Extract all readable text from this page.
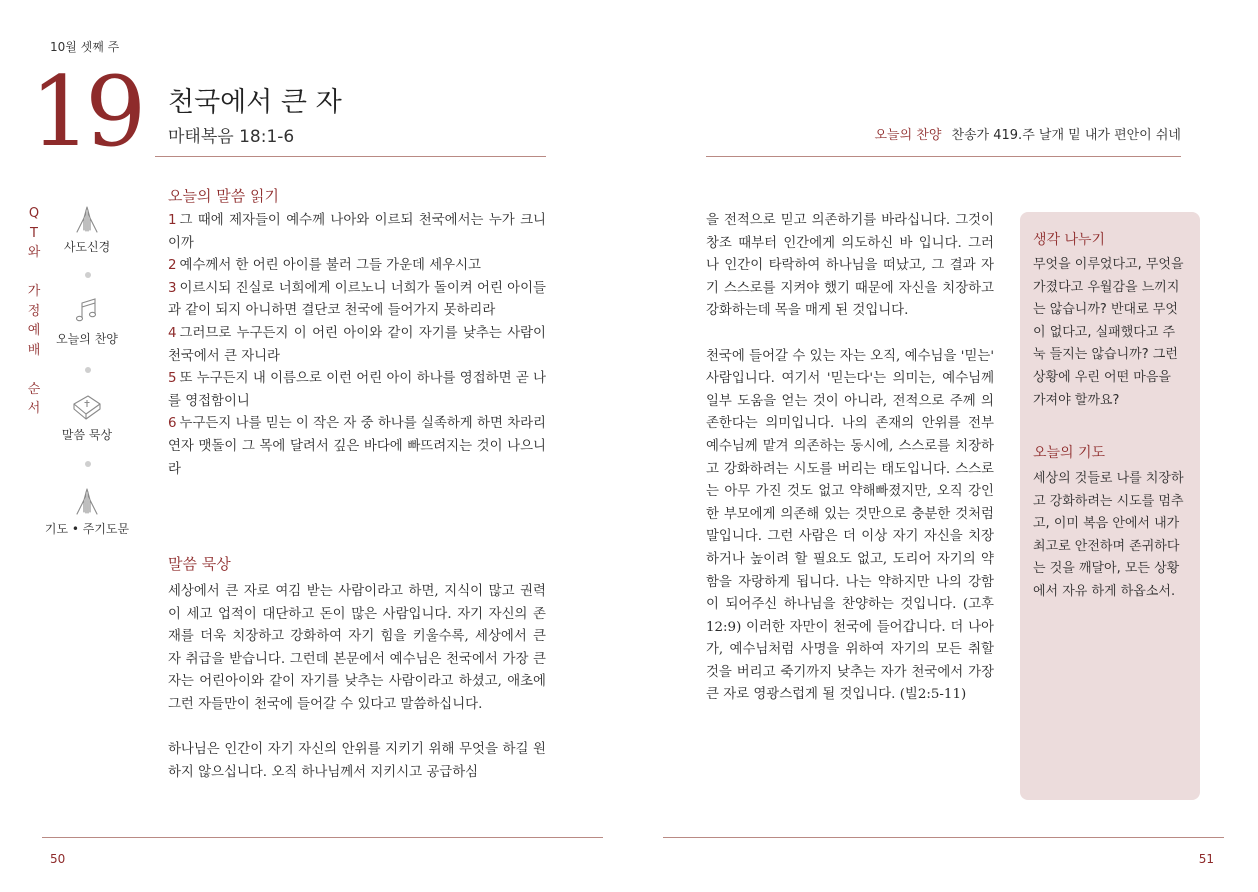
10월 셋째 주
19 천국에서 큰 자
마태복음 18:1-6	오늘의 찬양 찬송가 419.주 날개 밑 내가 편안이 쉬네
Q
T
와
가
정
예
배
순
서
사도신경
오늘의 찬양
말씀 묵상
기도 • 주기도문
오늘의 말씀 읽기

1 그 때에 제자들이 예수께 나아와 이르되 천국에서는 누가 크니이까

2 예수께서 한 어린 아이를 불러 그들 가운데 세우시고

3 이르시되 진실로 너희에게 이르노니 너희가 돌이켜 어린 아이들과 같이 되지 아니하면 결단코 천국에 들어가지 못하리라

4 그러므로 누구든지 이 어린 아이와 같이 자기를 낮추는 사람이 천국에서 큰 자니라

5 또 누구든지 내 이름으로 이런 어린 아이 하나를 영접하면 곧 나를 영접함이니

6 누구든지 나를 믿는 이 작은 자 중 하나를 실족하게 하면 차라리 연자 맷돌이 그 목에 달려서 깊은 바다에 빠뜨려지는 것이 나으니라

말씀 묵상

세상에서 큰 자로 여김 받는 사람이라고 하면, 지식이 많고 권력이 세고 업적이 대단하고 돈이 많은 사람입니다. 자기 자신의 존재를 더욱 치장하고 강화하여 자기 힘을 키울수록, 세상에서 큰 자 취급을 받습니다. 그런데 본문에서 예수님은 천국에서 가장 큰 자는 어린아이와 같이 자기를 낮추는 사람이라고 하셨고, 애초에 그런 자들만이 천국에 들어갈 수 있다고 말씀하십니다.

하나님은 인간이 자기 자신의 안위를 지키기 위해 무엇을 하길 원하지 않으십니다. 오직 하나님께서 지키시고 공급하심

을 전적으로 믿고 의존하기를 바라십니다. 그것이 창조 때부터 인간에게 의도하신 바 입니다. 그러나 인간이 타락하여 하나님을 떠났고, 그 결과 자기 스스로를 지켜야 했기 때문에 자신을 치장하고 강화하는데 목을 매게 된 것입니다.

천국에 들어갈 수 있는 자는 오직, 예수님을 '믿는' 사람입니다. 여기서 '믿는다'는 의미는, 예수님께 일부 도움을 얻는 것이 아니라, 전적으로 주께 의존한다는 의미입니다. 나의 존재의 안위를 전부 예수님께 맡겨 의존하는 동시에, 스스로를 치장하고 강화하려는 시도를 버리는 태도입니다. 스스로는 아무 가진 것도 없고 약해빠졌지만, 오직 강인한 부모에게 의존해 있는 것만으로 충분한 것처럼 말입니다. 그런 사람은 더 이상 자기 자신을 치장하거나 높이려 할 필요도 없고, 도리어 자기의 약함을 자랑하게 됩니다. 나는 약하지만 나의 강함이 되어주신 하나님을 찬양하는 것입니다. (고후12:9) 이러한 자만이 천국에 들어갑니다. 더 나아가, 예수님처럼 사명을 위하여 자기의 모든 취할 것을 버리고 죽기까지 낮추는 자가 천국에서 가장 큰 자로 영광스럽게 될 것입니다. (빌2:5-11)

생각 나누기
무엇을 이루었다고, 무엇을 가졌다고 우월감을 느끼지는 않습니까? 반대로 무엇이 없다고, 실패했다고 주눅 들지는 않습니까? 그런 상황에 우린 어떤 마음을 가져야 할까요?
오늘의 기도
세상의 것들로 나를 치장하고 강화하려는 시도를 멈추고, 이미 복음 안에서 내가 최고로 안전하며 존귀하다는 것을 깨달아, 모든 상황에서 자유 하게 하옵소서.
50	51
